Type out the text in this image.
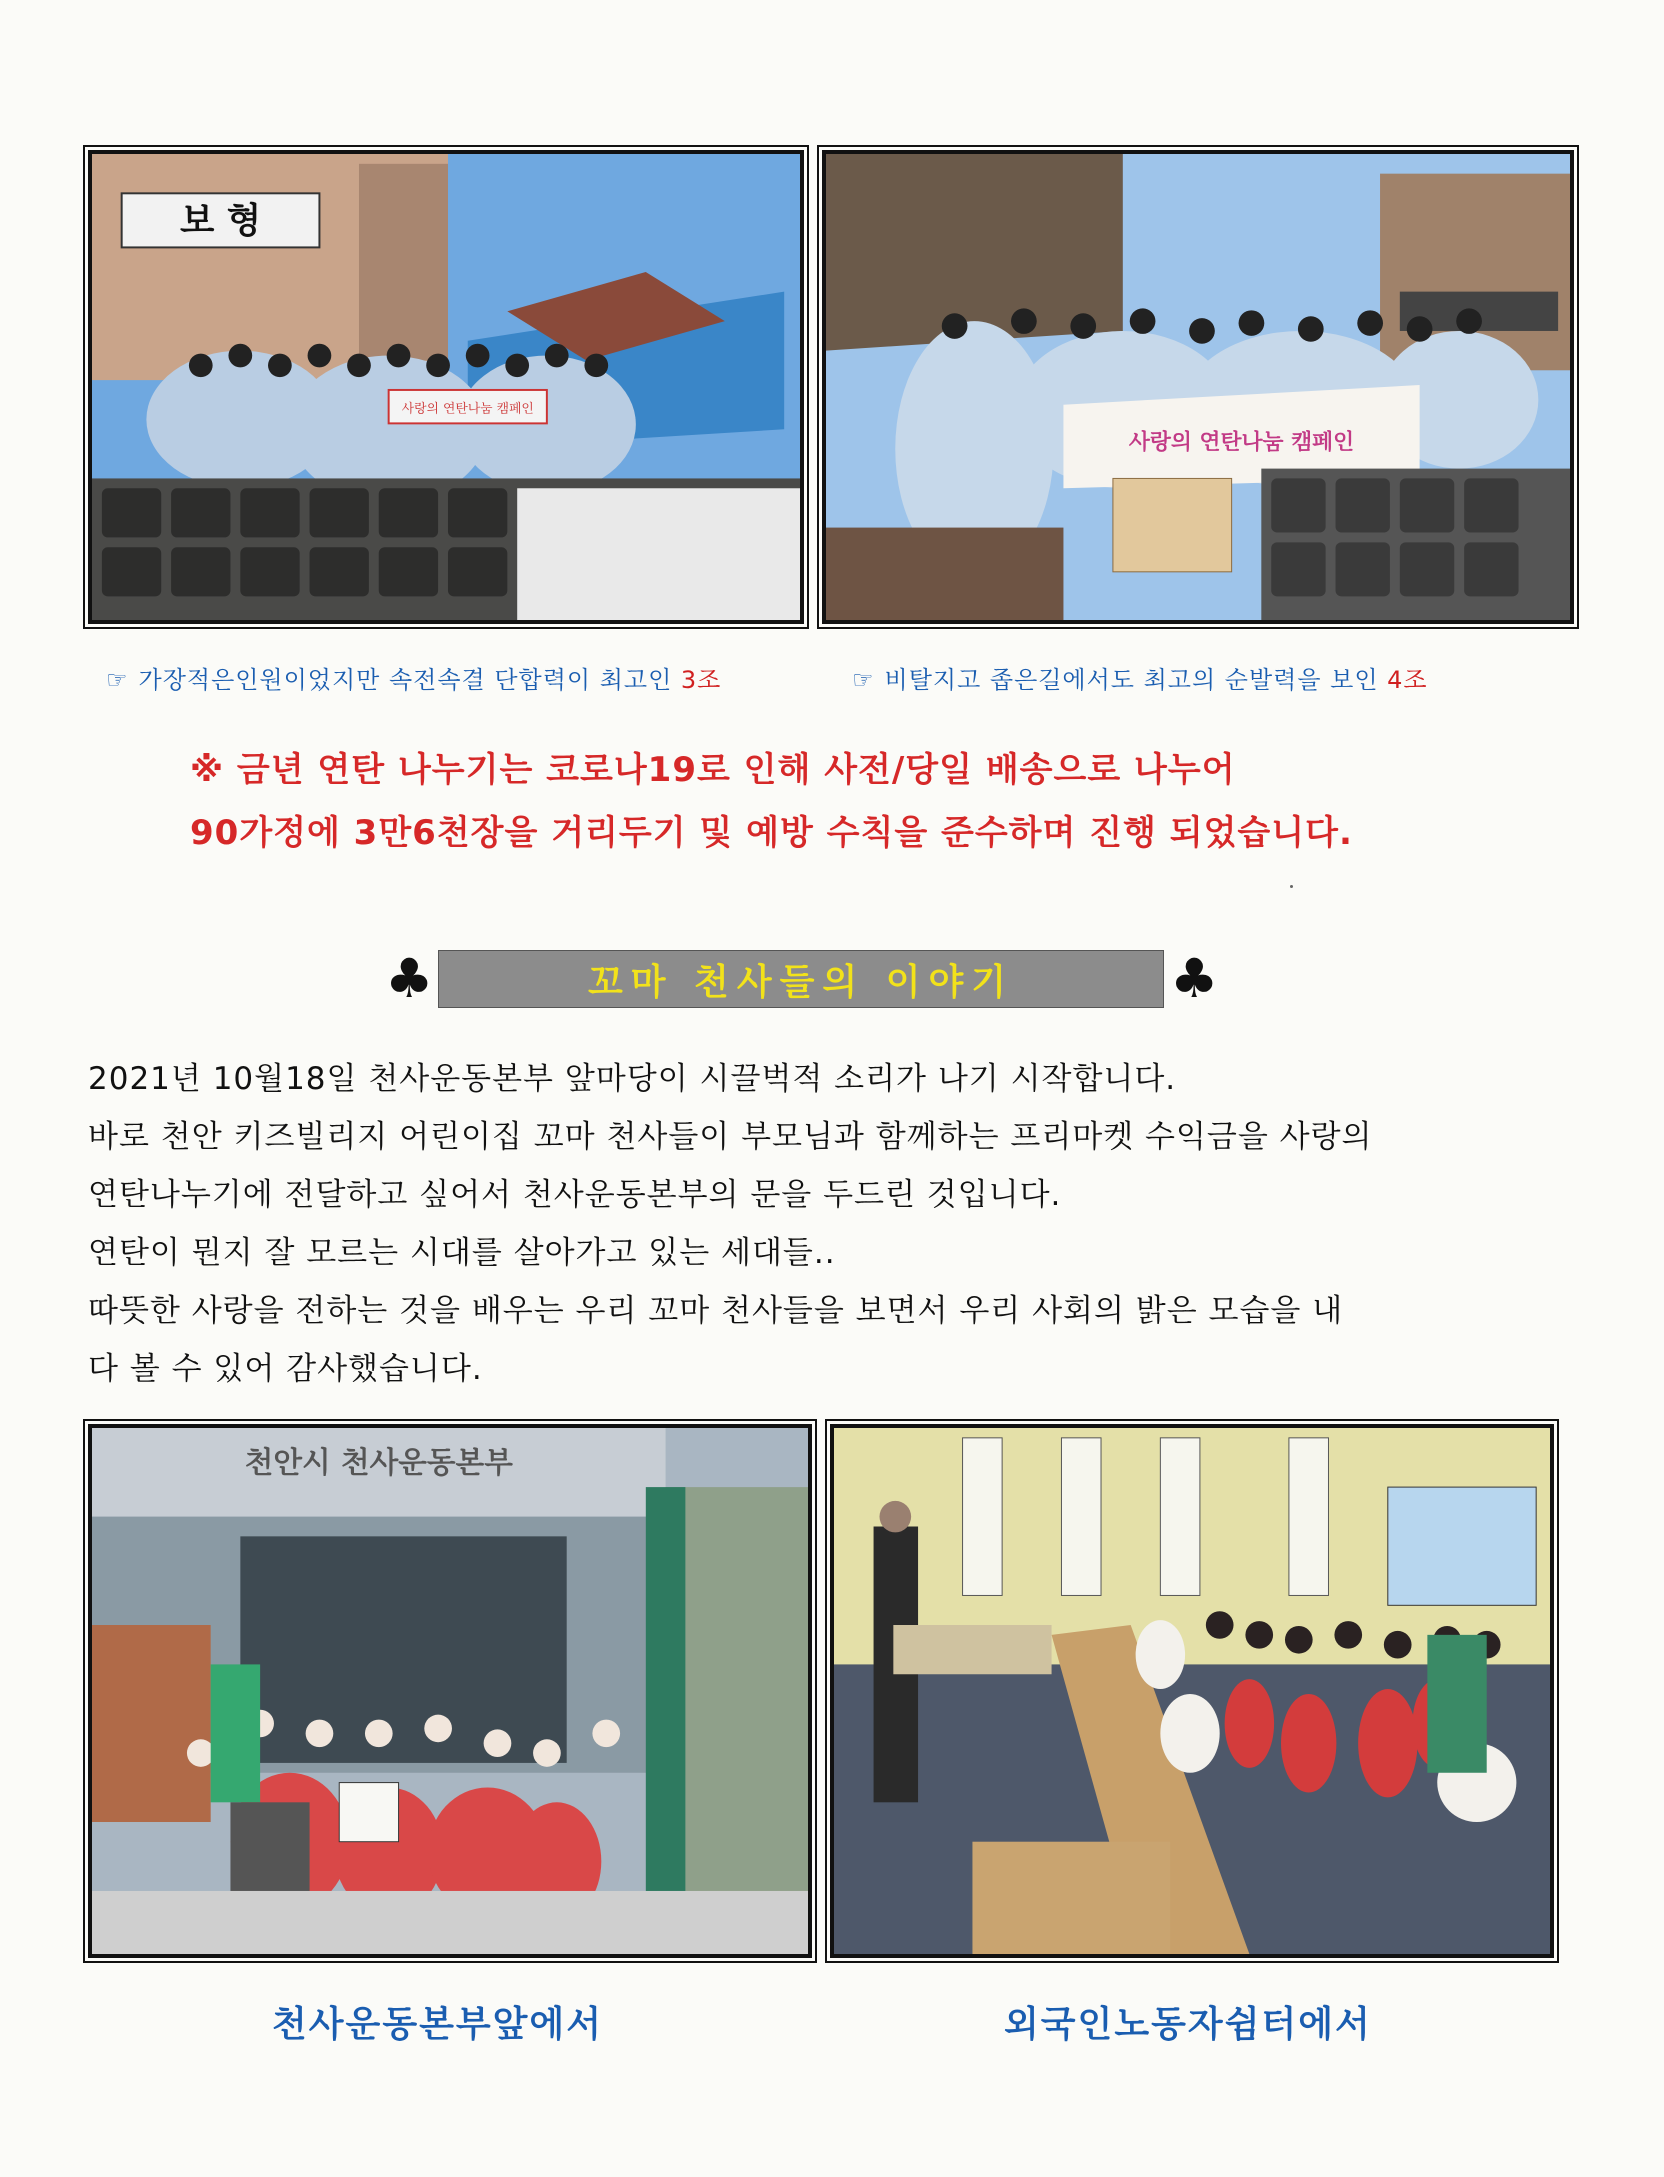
보 형
사랑의 연탄나눔 캠페인
사랑의 연탄나눔 캠페인
☞ 가장적은인원이었지만 속전속결 단합력이 최고인 3조	☞ 비탈지고 좁은길에서도 최고의 순발력을 보인 4조
※ 금년 연탄 나누기는 코로나19로 인해 사전/당일 배송으로 나누어
90가정에 3만6천장을 거리두기 및 예방 수칙을 준수하며 진행 되었습니다.
♣	꼬마 천사들의 이야기	♣

2021년 10월18일 천사운동본부 앞마당이 시끌벅적 소리가 나기 시작합니다.

바로 천안 키즈빌리지 어린이집 꼬마 천사들이 부모님과 함께하는 프리마켓 수익금을 사랑의

연탄나누기에 전달하고 싶어서 천사운동본부의 문을 두드린 것입니다.

연탄이 뭔지 잘 모르는 시대를 살아가고 있는 세대들..

따뜻한 사랑을 전하는 것을 배우는 우리 꼬마 천사들을 보면서 우리 사회의 밝은 모습을 내

다 볼 수 있어 감사했습니다.

천안시 천사운동본부
천사운동본부앞에서	외국인노동자쉼터에서
